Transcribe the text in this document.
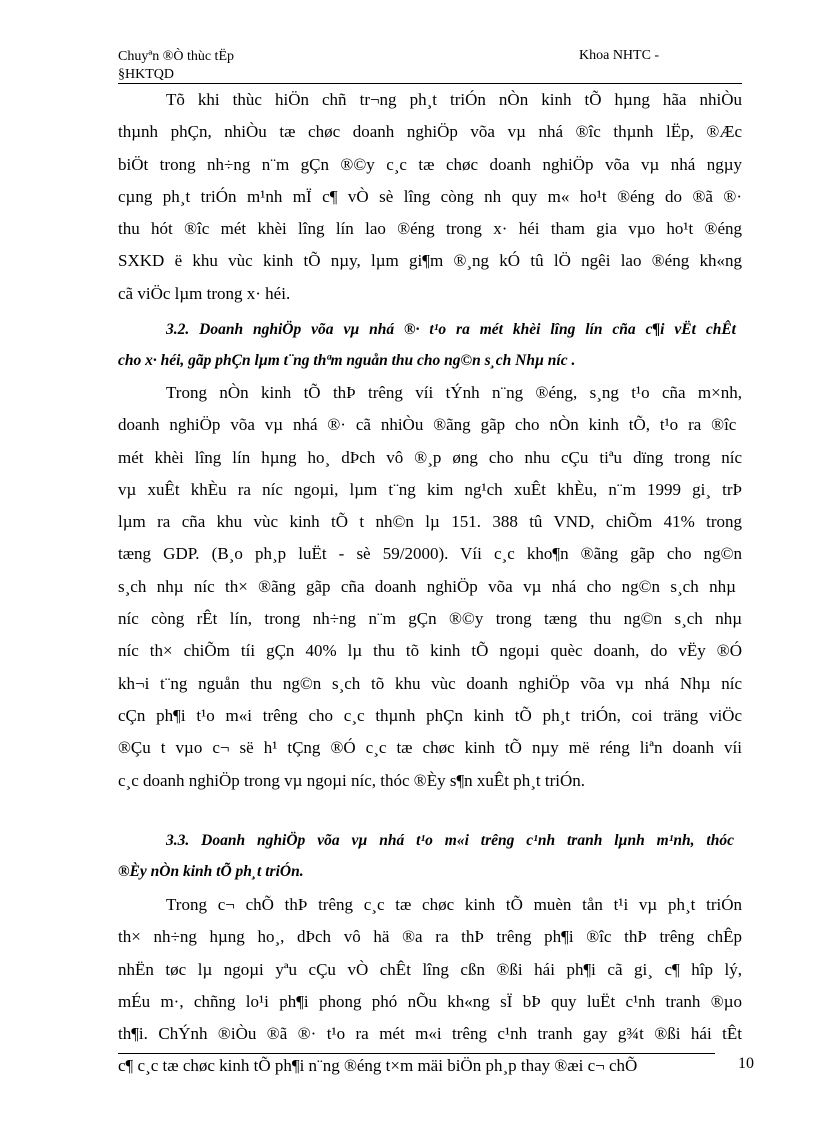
Chuyªn ®Ò thùc tËp
§HKTQD
Khoa NHTC -
Tõ khi thùc hiÖn chñ tr¬ng ph¸t triÓn nÒn kinh tÕ hµng hãa nhiÒu
thµnh phÇn, nhiÒu tæ chøc doanh nghiÖp võa vµ nhá ®îc thµnh lËp, ®Æc
biÖt trong nh÷ng n¨m gÇn ®©y c¸c tæ chøc doanh nghiÖp võa vµ nhá ngµy
cµng ph¸t triÓn m¹nh mÏ c¶ vÒ sè lîng còng nh quy m« ho¹t ®éng do ®ã ®·
thu hót ®îc mét khèi lîng lín lao ®éng trong x· héi tham gia vµo ho¹t ®éng
SXKD ë khu vùc kinh tÕ nµy, lµm gi¶m ®¸ng kÓ tû lÖ ngêi lao ®éng kh«ng
cã viÖc lµm trong x· héi.
3.2. Doanh nghiÖp võa vµ nhá ®· t¹o ra mét khèi lîng lín cña c¶i vËt chÊt
cho x· héi, gãp phÇn lµm t¨ng thªm nguån thu cho ng©n s¸ch Nhµ níc .
Trong nÒn kinh tÕ thÞ trêng víi tÝnh n¨ng ®éng, s¸ng t¹o cña m×nh,
doanh nghiÖp võa vµ nhá ®· cã nhiÒu ®ãng gãp cho nÒn kinh tÕ, t¹o ra ®îc
mét khèi lîng lín hµng ho¸ dÞch vô ®¸p øng cho nhu cÇu tiªu dïng trong níc
vµ xuÊt khÈu ra níc ngoµi, lµm t¨ng kim ng¹ch xuÊt khÈu, n¨m 1999 gi¸ trÞ
lµm ra cña khu vùc kinh tÕ t nh©n lµ 151. 388 tû VND, chiÕm 41% trong
tæng GDP. (B¸o ph¸p luËt - sè 59/2000). Víi c¸c kho¶n ®ãng gãp cho ng©n
s¸ch nhµ níc th× ®ãng gãp cña doanh nghiÖp võa vµ nhá cho ng©n s¸ch nhµ
níc còng rÊt lín, trong nh÷ng n¨m gÇn ®©y trong tæng thu ng©n s¸ch nhµ
níc th× chiÕm tíi gÇn 40% lµ thu tõ kinh tÕ ngoµi quèc doanh, do vËy ®Ó
kh¬i t¨ng nguån thu ng©n s¸ch tõ khu vùc doanh nghiÖp võa vµ nhá Nhµ níc
cÇn ph¶i t¹o m«i trêng cho c¸c thµnh phÇn kinh tÕ ph¸t triÓn, coi träng viÖc
®Çu t vµo c¬ së h¹ tÇng ®Ó c¸c tæ chøc kinh tÕ nµy më réng liªn doanh víi
c¸c doanh nghiÖp trong vµ ngoµi níc, thóc ®Èy s¶n xuÊt ph¸t triÓn.
3.3. Doanh nghiÖp võa vµ nhá t¹o m«i trêng c¹nh tranh lµnh m¹nh, thóc
®Èy nÒn kinh tÕ ph¸t triÓn.
Trong c¬ chÕ thÞ trêng c¸c tæ chøc kinh tÕ muèn tån t¹i vµ ph¸t triÓn
th× nh÷ng hµng ho¸, dÞch vô hä ®a ra thÞ trêng ph¶i ®îc thÞ trêng chÊp
nhËn tøc lµ ngoµi yªu cÇu vÒ chÊt lîng cßn ®ßi hái ph¶i cã gi¸ c¶ hîp lý,
mÉu m·, chñng lo¹i ph¶i phong phó nÕu kh«ng sÏ bÞ quy luËt c¹nh tranh ®µo
th¶i. ChÝnh ®iÒu ®ã ®· t¹o ra mét m«i trêng c¹nh tranh gay g¾t ®ßi hái tÊt
c¶ c¸c tæ chøc kinh tÕ ph¶i n¨ng ®éng t×m mäi biÖn ph¸p thay ®æi c¬ chÕ	10
